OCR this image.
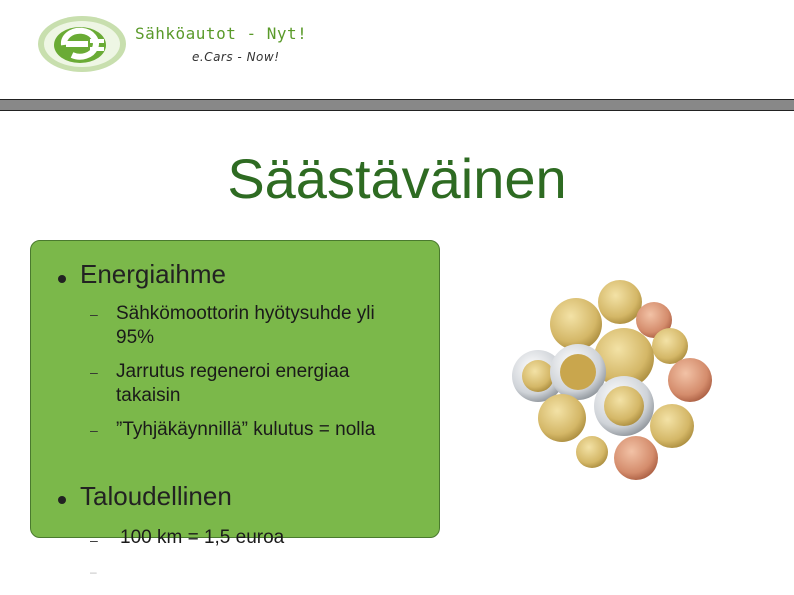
Sähköautot - Nyt!
e.Cars - Now!
Säästäväinen
Energiaihme
– Sähkömoottorin hyötysuhde yli 95%
– Jarrutus regeneroi energiaa takaisin
– ”Tyhjäkäynnillä” kulutus = nolla
Taloudellinen
– 100 km = 1,5 euroa
–
